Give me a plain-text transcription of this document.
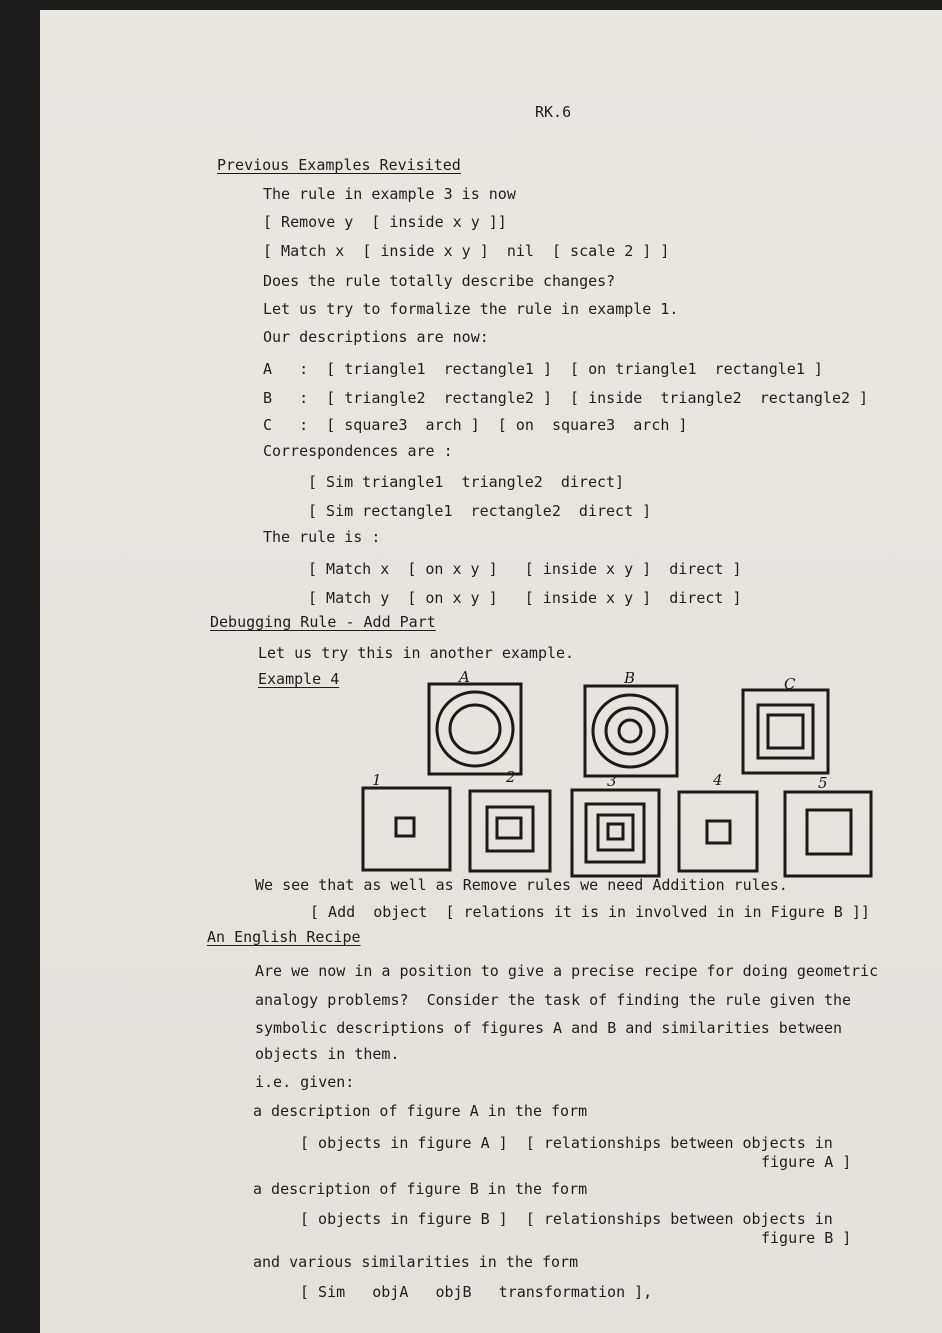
RK.6
Previous Examples Revisited
The rule in example 3 is now
[ Remove y  [ inside x y ]]
[ Match x  [ inside x y ]  nil  [ scale 2 ] ]
Does the rule totally describe changes?
Let us try to formalize the rule in example 1.
Our descriptions are now:
A   :  [ triangle1  rectangle1 ]  [ on triangle1  rectangle1 ]
B   :  [ triangle2  rectangle2 ]  [ inside  triangle2  rectangle2 ]
C   :  [ square3  arch ]  [ on  square3  arch ]
Correspondences are :
[ Sim triangle1  triangle2  direct]
[ Sim rectangle1  rectangle2  direct ]
The rule is :
[ Match x  [ on x y ]   [ inside x y ]  direct ]
[ Match y  [ on x y ]   [ inside x y ]  direct ]
Debugging Rule - Add Part
Let us try this in another example.
Example 4
We see that as well as Remove rules we need Addition rules.
[ Add  object  [ relations it is in involved in in Figure B ]]
An English Recipe
Are we now in a position to give a precise recipe for doing geometric
analogy problems?  Consider the task of finding the rule given the
symbolic descriptions of figures A and B and similarities between
objects in them.
i.e. given:
a description of figure A in the form
[ objects in figure A ]  [ relationships between objects in
figure A ]
a description of figure B in the form
[ objects in figure B ]  [ relationships between objects in
figure B ]
and various similarities in the form
[ Sim   objA   objB   transformation ],
A	B	C
1	2	3	4	5
